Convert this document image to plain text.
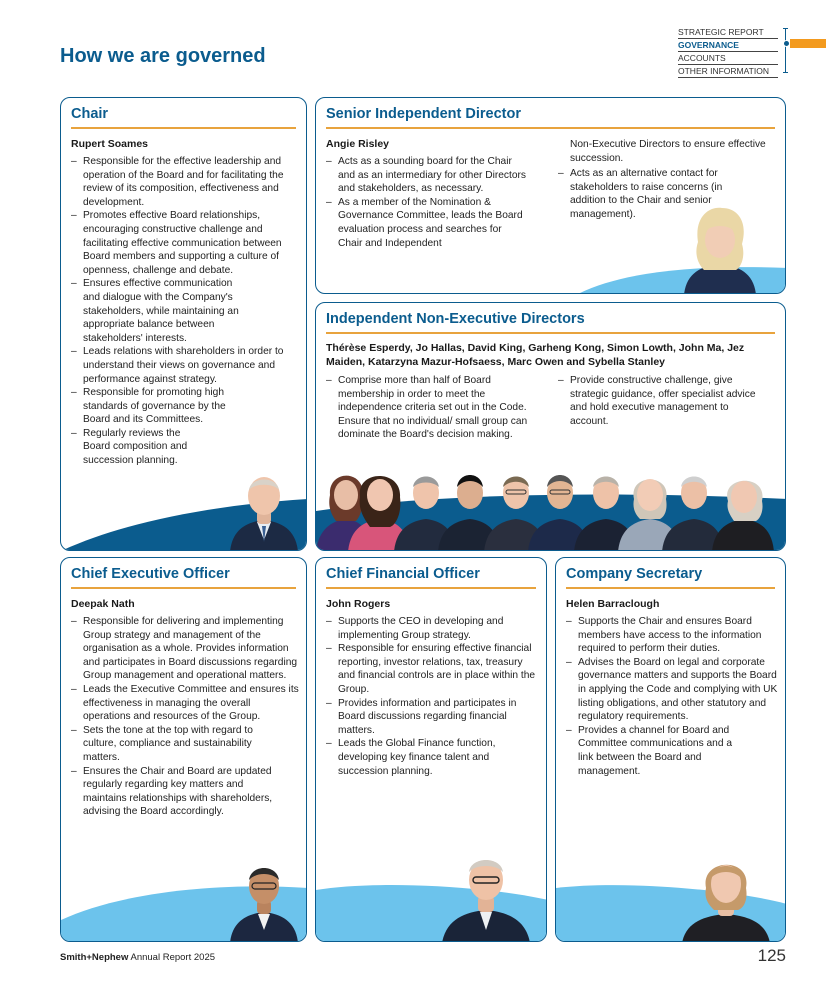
How we are governed
STRATEGIC REPORT
GOVERNANCE
ACCOUNTS
OTHER INFORMATION
Chair
Rupert Soames
– Responsible for the effective leadership and operation of the Board and for facilitating the review of its composition, effectiveness and development.
– Promotes effective Board relationships, encouraging constructive challenge and facilitating effective communication between Board members and supporting a culture of openness, challenge and debate.
– Ensures effective communication and dialogue with the Company's stakeholders, while maintaining an appropriate balance between stakeholders' interests.
– Leads relations with shareholders in order to understand their views on governance and performance against strategy.
– Responsible for promoting high standards of governance by the Board and its Committees.
– Regularly reviews the Board composition and succession planning.
Senior Independent Director
Angie Risley
– Acts as a sounding board for the Chair and as an intermediary for other Directors and stakeholders, as necessary.
– As a member of the Nomination & Governance Committee, leads the Board evaluation process and searches for Chair and Independent
Non-Executive Directors to ensure effective succession.
– Acts as an alternative contact for stakeholders to raise concerns (in addition to the Chair and senior management).
Independent Non-Executive Directors
Thérèse Esperdy, Jo Hallas, David King, Garheng Kong, Simon Lowth, John Ma, Jez Maiden, Katarzyna Mazur-Hofsaess, Marc Owen and Sybella Stanley
– Comprise more than half of Board membership in order to meet the independence criteria set out in the Code. Ensure that no individual/ small group can dominate the Board's decision making.
– Provide constructive challenge, give strategic guidance, offer specialist advice and hold executive management to account.
Chief Executive Officer
Deepak Nath
– Responsible for delivering and implementing Group strategy and management of the organisation as a whole. Provides information and participates in Board discussions regarding Group management and operational matters.
– Leads the Executive Committee and ensures its effectiveness in managing the overall operations and resources of the Group.
– Sets the tone at the top with regard to culture, compliance and sustainability matters.
– Ensures the Chair and Board are updated regularly regarding key matters and maintains relationships with shareholders, advising the Board accordingly.
Chief Financial Officer
John Rogers
– Supports the CEO in developing and implementing Group strategy.
– Responsible for ensuring effective financial reporting, investor relations, tax, treasury and financial controls are in place within the Group.
– Provides information and participates in Board discussions regarding financial matters.
– Leads the Global Finance function, developing key finance talent and succession planning.
Company Secretary
Helen Barraclough
– Supports the Chair and ensures Board members have access to the information required to perform their duties.
– Advises the Board on legal and corporate governance matters and supports the Board in applying the Code and complying with UK listing obligations, and other statutory and regulatory requirements.
– Provides a channel for Board and Committee communications and a link between the Board and management.
Smith+Nephew Annual Report 2025	125
